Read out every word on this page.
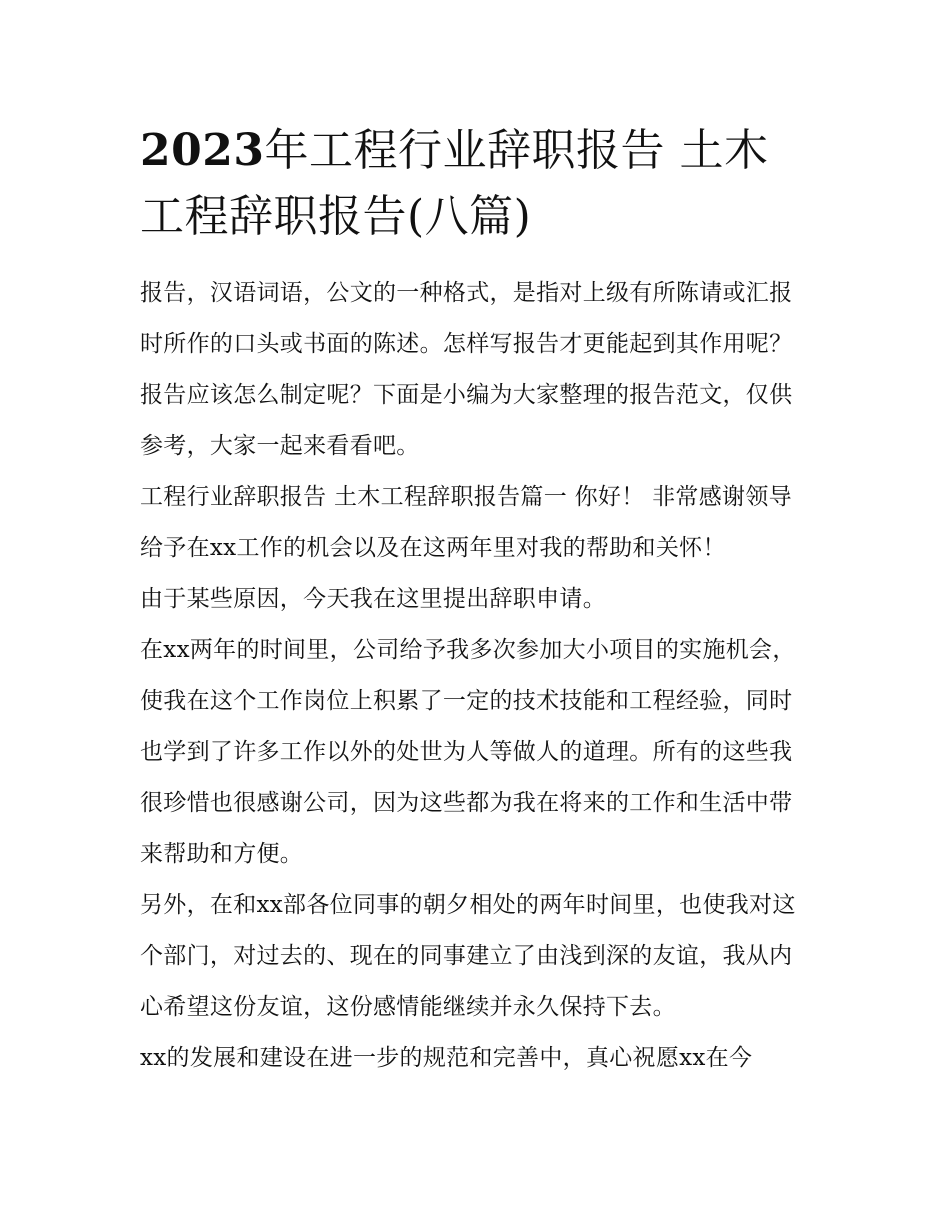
2023年工程行业辞职报告 土木工程辞职报告(八篇)

报告，汉语词语，公文的一种格式，是指对上级有所陈请或汇报时所作的口头或书面的陈述。怎样写报告才更能起到其作用呢？报告应该怎么制定呢？下面是小编为大家整理的报告范文，仅供参考，大家一起来看看吧。

工程行业辞职报告 土木工程辞职报告篇一 你好！ 非常感谢领导给予在xx工作的机会以及在这两年里对我的帮助和关怀！

由于某些原因，今天我在这里提出辞职申请。

在xx两年的时间里，公司给予我多次参加大小项目的实施机会，使我在这个工作岗位上积累了一定的技术技能和工程经验，同时也学到了许多工作以外的处世为人等做人的道理。所有的这些我很珍惜也很感谢公司，因为这些都为我在将来的工作和生活中带来帮助和方便。

另外，在和xx部各位同事的朝夕相处的两年时间里，也使我对这个部门，对过去的、现在的同事建立了由浅到深的友谊，我从内心希望这份友谊，这份感情能继续并永久保持下去。

xx的发展和建设在进一步的规范和完善中，真心祝愿xx在今
